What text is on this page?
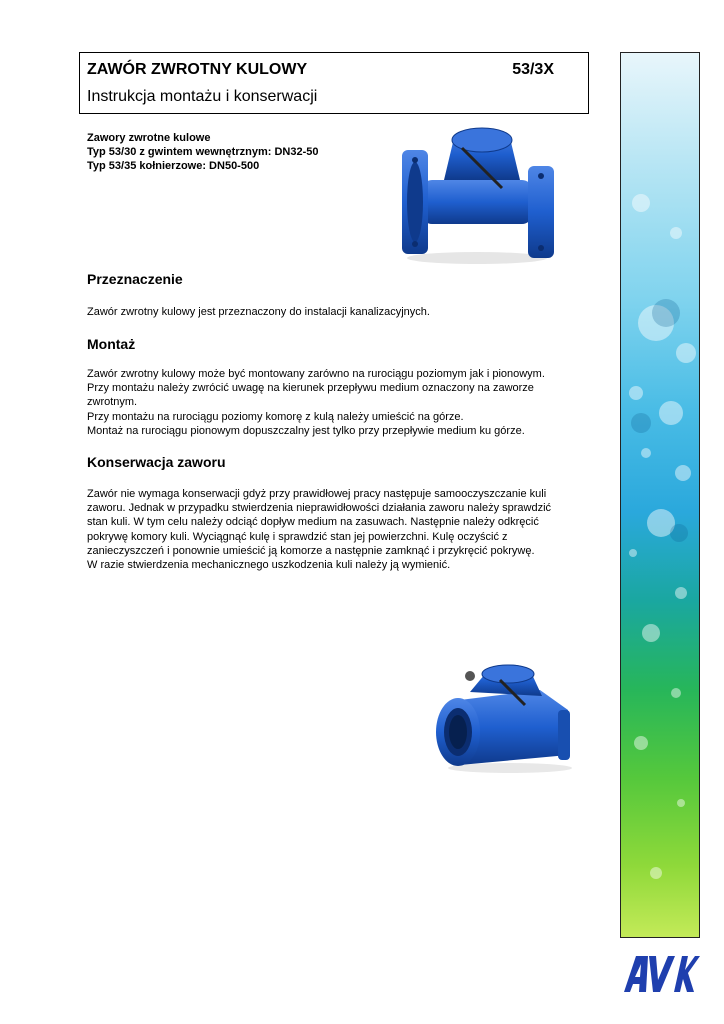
ZAWÓR ZWROTNY KULOWY	53/3X
Instrukcja montażu i konserwacji
Zawory zwrotne kulowe
Typ 53/30 z gwintem wewnętrznym: DN32-50
Typ 53/35 kołnierzowe: DN50-500
Przeznaczenie
Zawór zwrotny kulowy jest przeznaczony do instalacji kanalizacyjnych.
Montaż
Zawór zwrotny kulowy może być montowany zarówno na rurociągu poziomym jak i pionowym.
Przy montażu należy zwrócić uwagę na kierunek przepływu medium oznaczony na zaworze
zwrotnym.
Przy montażu na rurociągu poziomy komorę z kulą należy umieścić na górze.
Montaż na rurociągu pionowym dopuszczalny jest tylko przy przepływie medium ku górze.
Konserwacja zaworu
Zawór nie wymaga konserwacji gdyż przy prawidłowej pracy następuje samooczyszczanie kuli
zaworu. Jednak w przypadku stwierdzenia nieprawidłowości działania zaworu należy sprawdzić
stan kuli. W tym celu należy odciąć dopływ medium na zasuwach. Następnie należy odkręcić
pokrywę komory kuli. Wyciągnąć kulę i sprawdzić stan jej powierzchni. Kulę oczyścić z
zanieczyszczeń i ponownie umieścić ją komorze a następnie zamknąć i przykręcić pokrywę.
W razie stwierdzenia mechanicznego uszkodzenia kuli należy ją wymienić.
